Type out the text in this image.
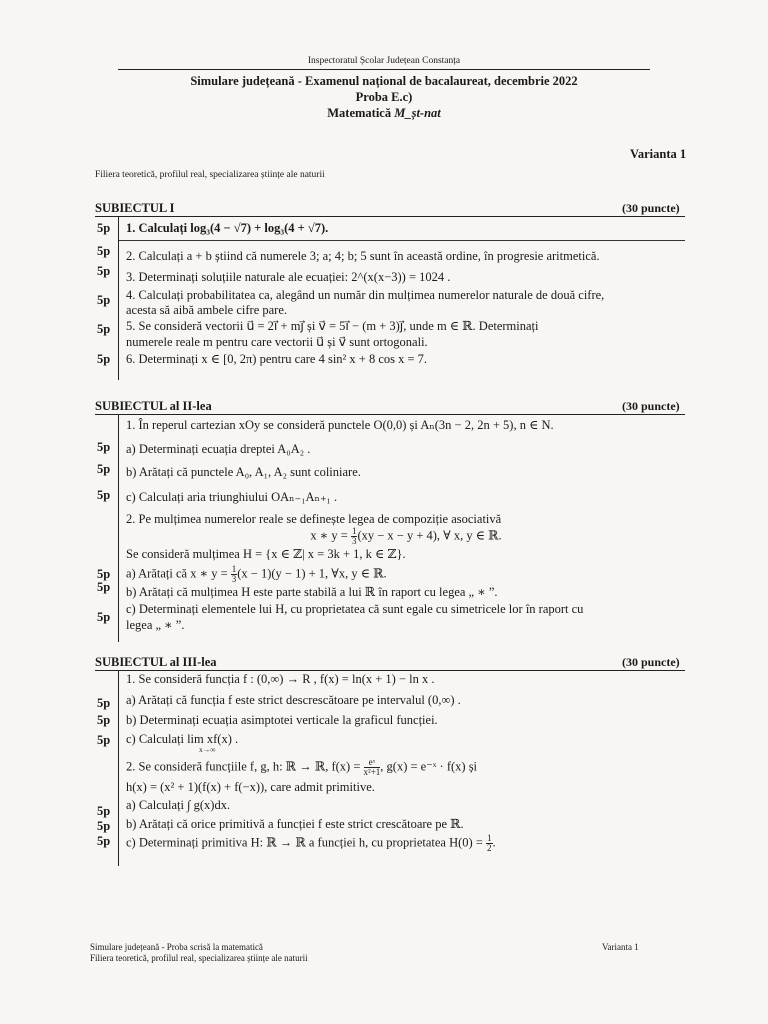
Inspectoratul Școlar Județean Constanța
Simulare județeană - Examenul național de bacalaureat, decembrie 2022
Proba E.c)
Matematică M_șt-nat
Varianta 1
Filiera teoretică, profilul real, specializarea științe ale naturii
SUBIECTUL I	(30 puncte)
5p 1. Calculați log₃(4 − √7) + log₃(4 + √7).
5p 2. Calculați a + b știind că numerele 3; a; 4; b; 5 sunt în această ordine, în progresie aritmetică.
5p 3. Determinați soluțiile naturale ale ecuației: 2^(x(x−3)) = 1024 .
5p 4. Calculați probabilitatea ca, alegând un număr din mulțimea numerelor naturale de două cifre,
acesta să aibă ambele cifre pare.
5p 5. Se consideră vectorii u⃗ = 2i⃗ + mj⃗ și v⃗ = 5i⃗ − (m + 3)j⃗, unde m ∈ ℝ. Determinați
numerele reale m pentru care vectorii u⃗ și v⃗ sunt ortogonali.
5p 6. Determinați x ∈ [0, 2π) pentru care 4 sin² x + 8 cos x = 7.
SUBIECTUL al II-lea	(30 puncte)
1. În reperul cartezian xOy se consideră punctele O(0,0) și Aₙ(3n − 2, 2n + 5), n ∈ N.
5p a) Determinați ecuația dreptei A₀A₂ .
5p b) Arătați că punctele A₀, A₁, A₂ sunt coliniare.
5p c) Calculați aria triunghiului OAₙ₋₁Aₙ₊₁ .
2. Pe mulțimea numerelor reale se definește legea de compoziție asociativă
x ∗ $y = \frac{1}{3} (xy - x - y + 4)$, ∀ x, y ∈ ℝ.
Se consideră mulțimea H = {x ∈ ℤ| x = 3k + 1, k ∈ ℤ}.
5p a) Arătați că x ∗ $y = \frac{1}{3} (x - 1)(y - 1) + 1$, ∀x, y ∈ ℝ.
5p b) Arătați că mulțimea H este parte stabilă a lui ℝ în raport cu legea „ ∗ ”.
5p
c) Determinați elementele lui H, cu proprietatea că sunt egale cu simetricele lor în raport cu
legea „ ∗ ”.
SUBIECTUL al III-lea	(30 puncte)
1. Se consideră funcția f : (0,∞) → R , f(x) = ln(x + 1) − ln x .
5p a) Arătați că funcția f este strict descrescătoare pe intervalul (0,∞) .
5p b) Determinați ecuația asimptotei verticale la graficul funcției.
5p c) Calculați lim xf(x) .
x→∞
2. Se consideră funcțiile f, g, h: ℝ → ℝ, $f(x) = \frac{\text{eˣ}}{\text{x²+1}}$ , g(x) = e⁻ˣ · f(x) și
h(x) = (x² + 1)(f(x) + f(−x)), care admit primitive.
5p a) Calculați ∫ g(x)dx.
5p b) Arătați că orice primitivă a funcției f este strict crescătoare pe ℝ.
5p c) Determinați primitiva H: ℝ → ℝ a funcției h, cu proprietatea $H(0) = \frac{1}{2}$ .
Simulare județeană - Proba scrisă la matematică
Filiera teoretică, profilul real, specializarea științe ale naturii
Varianta 1
